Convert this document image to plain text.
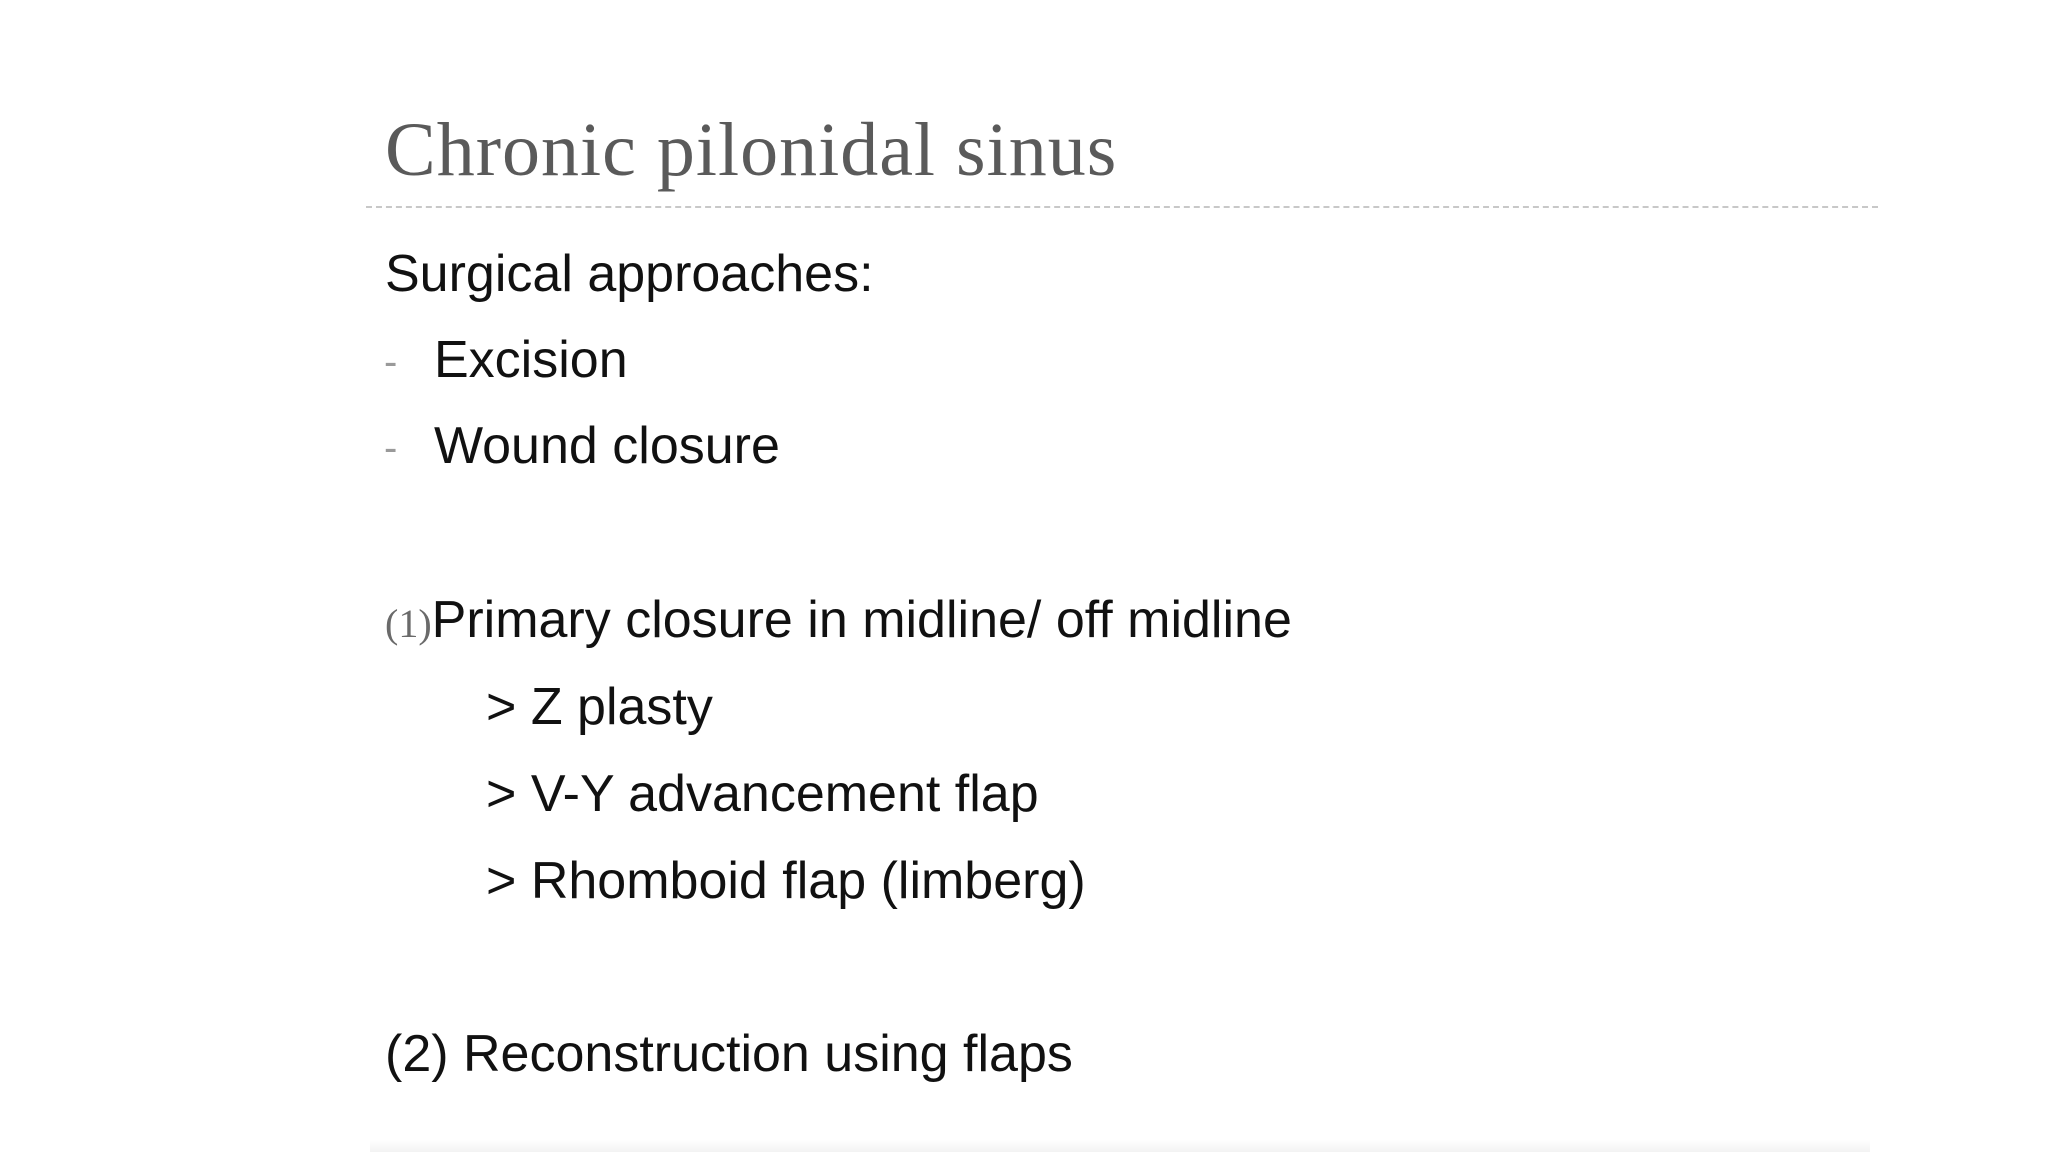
Chronic pilonidal sinus
Surgical approaches:
- Excision
- Wound closure
(1)Primary closure in midline/ off midline
> Z plasty
> V-Y advancement flap
> Rhomboid flap (limberg)
(2) Reconstruction using flaps
